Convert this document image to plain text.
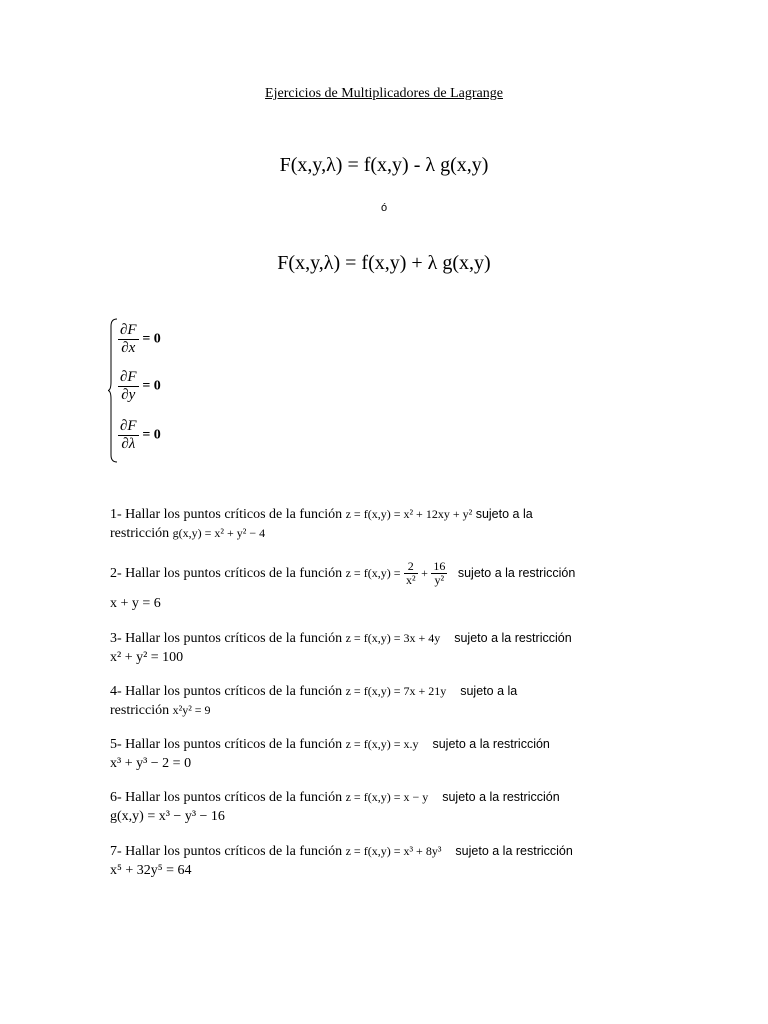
Ejercicios de Multiplicadores de Lagrange
F(x,y,λ) = f(x,y) - λ g(x,y)
ó
F(x,y,λ) = f(x,y) + λ g(x,y)
$\frac{\partial F}{\partial x} = 0$
$\frac{\partial F}{\partial y} = 0$
$\frac{\partial F}{\partial\lambda} = 0$
1- Hallar los puntos críticos de la función z = f(x,y) = x² + 12xy + y² sujeto a la
restricción g(x,y) = x² + y² − 4
2- Hallar los puntos críticos de la función $z = f(x,y) = \frac{2}{\text{x²}} + \frac{16}{\text{y²}}$ sujeto a la restricción
x + y = 6
3- Hallar los puntos críticos de la función z = f(x,y) = 3x + 4y sujeto a la restricción
x² + y² = 100
4- Hallar los puntos críticos de la función z = f(x,y) = 7x + 21y sujeto a la
restricción x²y² = 9
5- Hallar los puntos críticos de la función z = f(x,y) = x.y sujeto a la restricción
x³ + y³ − 2 = 0
6- Hallar los puntos críticos de la función z = f(x,y) = x − y sujeto a la restricción
g(x,y) = x³ − y³ − 16
7- Hallar los puntos críticos de la función z = f(x,y) = x³ + 8y³ sujeto a la restricción
x⁵ + 32y⁵ = 64
